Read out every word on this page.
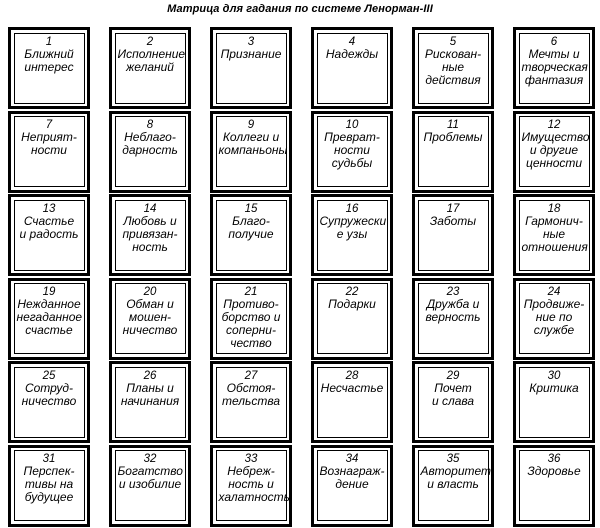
Матрица для гадания по системе Ленорман-III
1
Ближний
интерес
2
Исполнение
желаний
3
Признание
4
Надежды
5
Рискован-
ные
действия
6
Мечты и
творческая
фантазия
7
Неприят-
ности
8
Неблаго-
дарность
9
Коллеги и
компаньоны
10
Преврат-
ности
судьбы
11
Проблемы
12
Имущество
и другие
ценности
13
Счастье
и радость
14
Любовь и
привязан-
ность
15
Благо-
получие
16
Супружески
е узы
17
Заботы
18
Гармонич-
ные
отношения
19
Нежданное
негаданное
счастье
20
Обман и
мошен-
ничество
21
Противо-
борство и
соперни-
чество
22
Подарки
23
Дружба и
верность
24
Продвиже-
ние по
службе
25
Сотруд-
ничество
26
Планы и
начинания
27
Обстоя-
тельства
28
Несчастье
29
Почет
и слава
30
Критика
31
Перспек-
тивы на
будущее
32
Богатство
и изобилие
33
Небреж-
ность и
халатность
34
Вознаграж-
дение
35
Авторитет
и власть
36
Здоровье
